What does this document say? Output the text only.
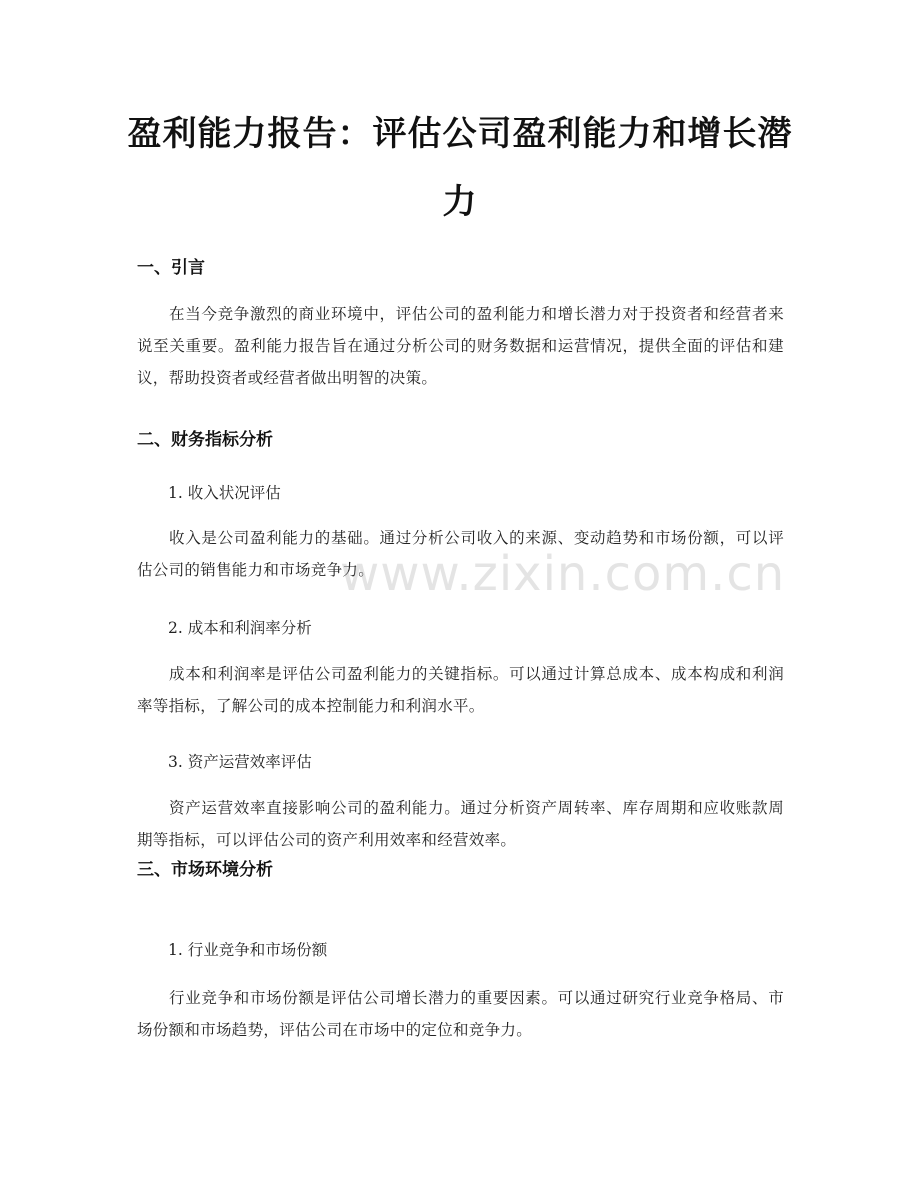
盈利能力报告：评估公司盈利能力和增长潜力
一、引言
在当今竞争激烈的商业环境中，评估公司的盈利能力和增长潜力对于投资者和经营者来说至关重要。盈利能力报告旨在通过分析公司的财务数据和运营情况，提供全面的评估和建议，帮助投资者或经营者做出明智的决策。
二、财务指标分析
1. 收入状况评估
收入是公司盈利能力的基础。通过分析公司收入的来源、变动趋势和市场份额，可以评估公司的销售能力和市场竞争力。
2. 成本和利润率分析
成本和利润率是评估公司盈利能力的关键指标。可以通过计算总成本、成本构成和利润率等指标，了解公司的成本控制能力和利润水平。
3. 资产运营效率评估
资产运营效率直接影响公司的盈利能力。通过分析资产周转率、库存周期和应收账款周期等指标，可以评估公司的资产利用效率和经营效率。
三、市场环境分析
1. 行业竞争和市场份额
行业竞争和市场份额是评估公司增长潜力的重要因素。可以通过研究行业竞争格局、市场份额和市场趋势，评估公司在市场中的定位和竞争力。
www.zixin.com.cn
